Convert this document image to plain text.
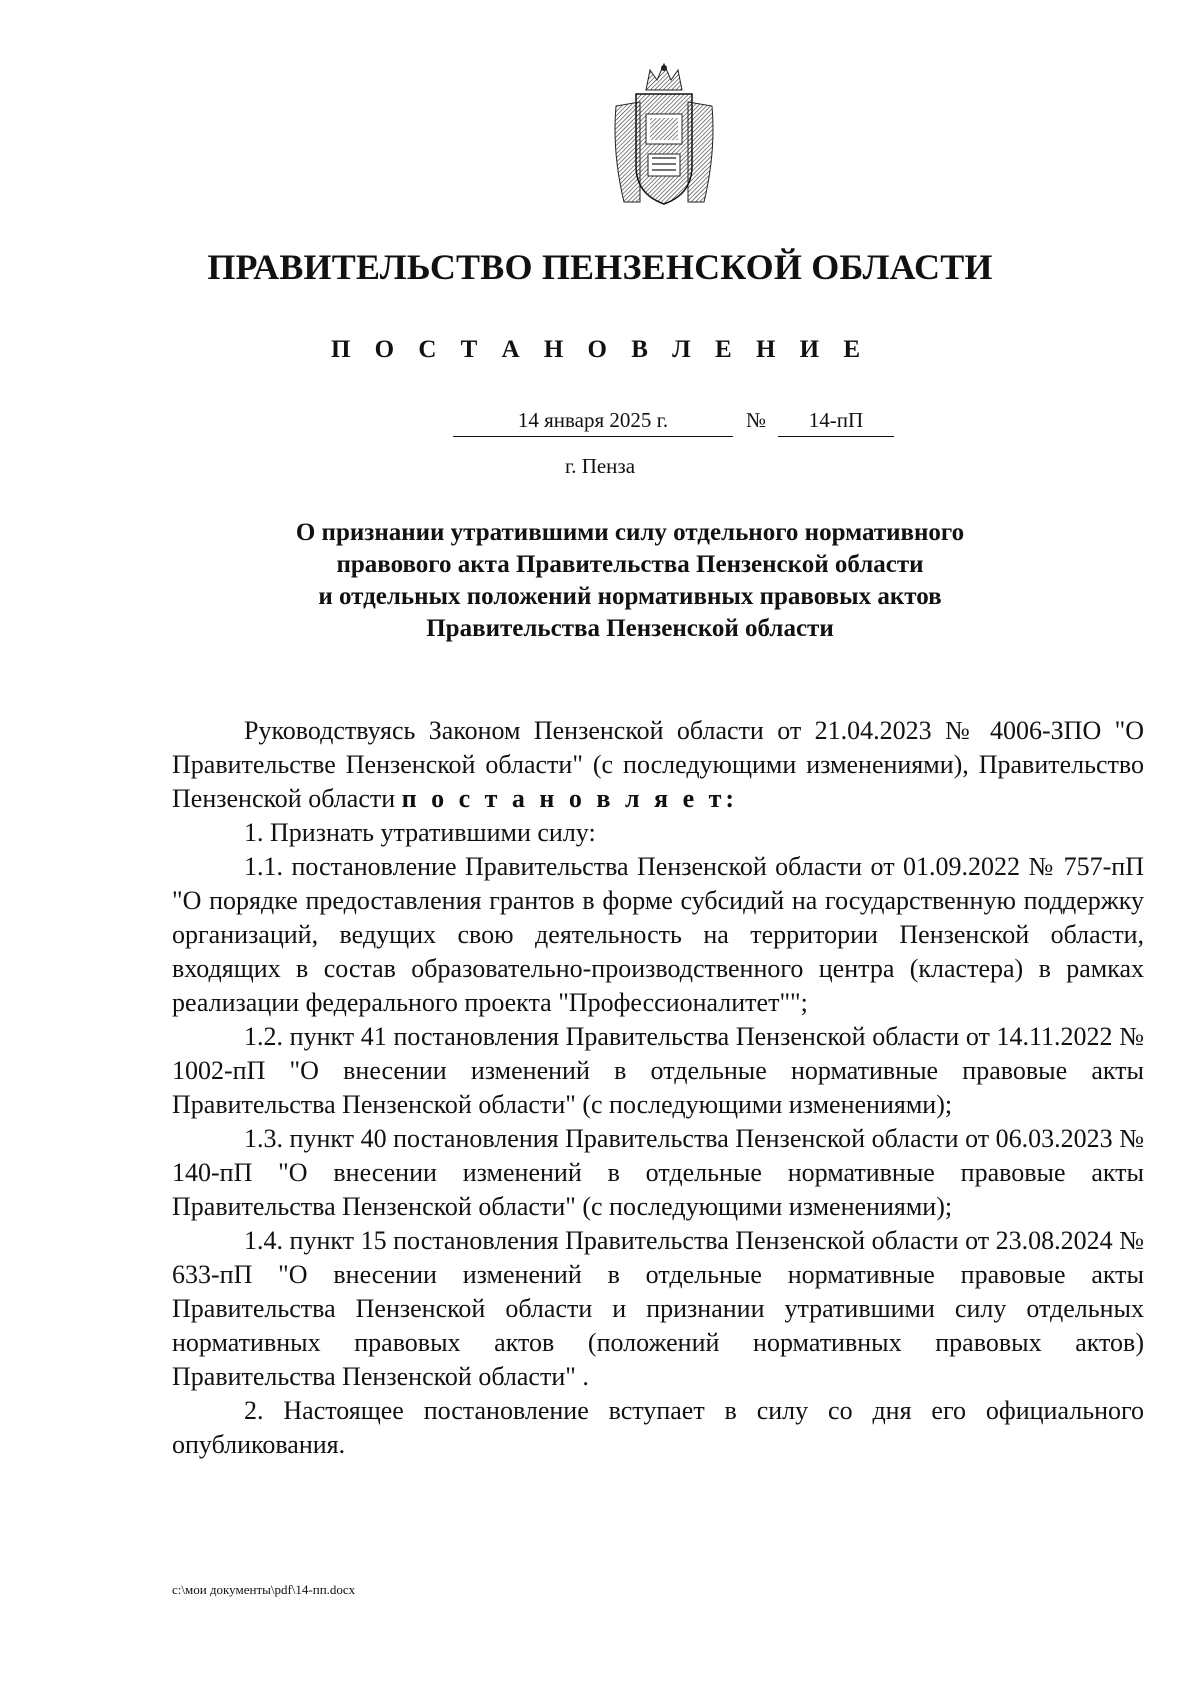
ПРАВИТЕЛЬСТВО ПЕНЗЕНСКОЙ ОБЛАСТИ
П О С Т А Н О В Л Е Н И Е
14 января 2025 г.	№	14-пП
г. Пенза
О признании утратившими силу отдельного нормативного
правового акта Правительства Пензенской области
и отдельных положений нормативных правовых актов
Правительства Пензенской области

Руководствуясь Законом Пензенской области от 21.04.2023 № 4006-ЗПО "О Правительстве Пензенской области" (с последующими изменениями), Правительство Пензенской области п о с т а н о в л я е т:

1. Признать утратившими силу:

1.1. постановление Правительства Пензенской области от 01.09.2022 № 757-пП "О порядке предоставления грантов в форме субсидий на государственную поддержку организаций, ведущих свою деятельность на территории Пензенской области, входящих в состав образовательно-производственного центра (кластера) в рамках реализации федерального проекта "Профессионалитет"";

1.2. пункт 41 постановления Правительства Пензенской области от 14.11.2022 № 1002-пП "О внесении изменений в отдельные нормативные правовые акты Правительства Пензенской области" (с последующими изменениями);

1.3. пункт 40 постановления Правительства Пензенской области от 06.03.2023 № 140-пП "О внесении изменений в отдельные нормативные правовые акты Правительства Пензенской области" (с последующими изменениями);

1.4. пункт 15 постановления Правительства Пензенской области от 23.08.2024 № 633-пП "О внесении изменений в отдельные нормативные правовые акты Правительства Пензенской области и признании утратившими силу отдельных нормативных правовых актов (положений нормативных правовых актов) Правительства Пензенской области" .

2. Настоящее постановление вступает в силу со дня его официального опубликования.

c:\мои документы\pdf\14-пп.docx
